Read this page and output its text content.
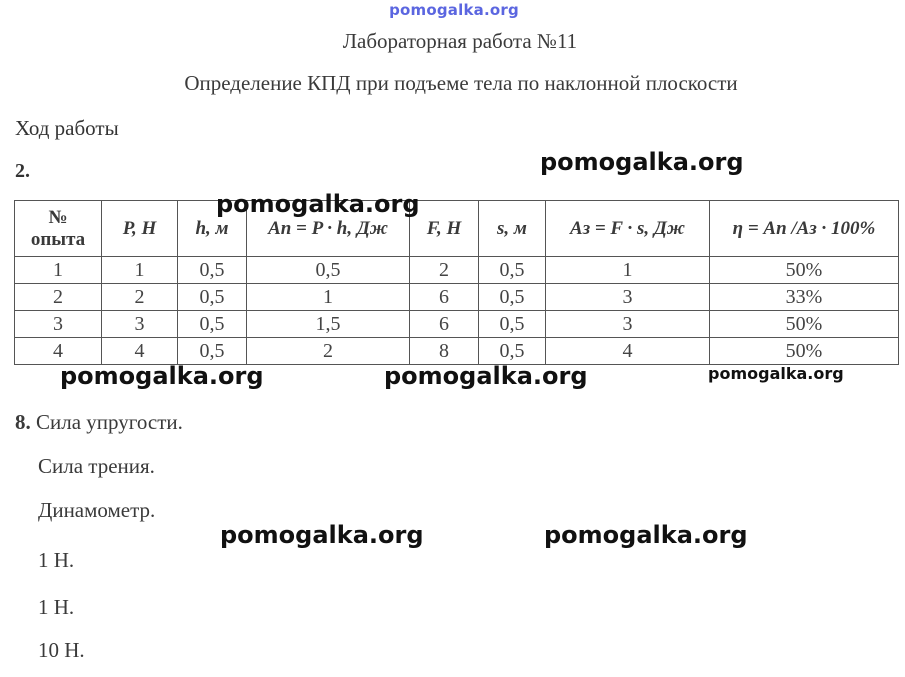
pomogalka.org
Лабораторная работа №11
Определение КПД при подъеме тела по наклонной плоскости
Ход работы
2.
№
опыта	P, Н	h, м	Aп = P · h, Дж	F, Н	s, м	Aз = F · s, Дж	η = Aп /Aз · 100%
1	1	0,5	0,5	2	0,5	1	50%
2	2	0,5	1	6	0,5	3	33%
3	3	0,5	1,5	6	0,5	3	50%
4	4	0,5	2	8	0,5	4	50%
pomogalka.org
pomogalka.org
pomogalka.org	pomogalka.org	pomogalka.org
pomogalka.org	pomogalka.org
8. Сила упругости.
Сила трения.
Динамометр.
1 Н.
1 Н.
10 Н.
